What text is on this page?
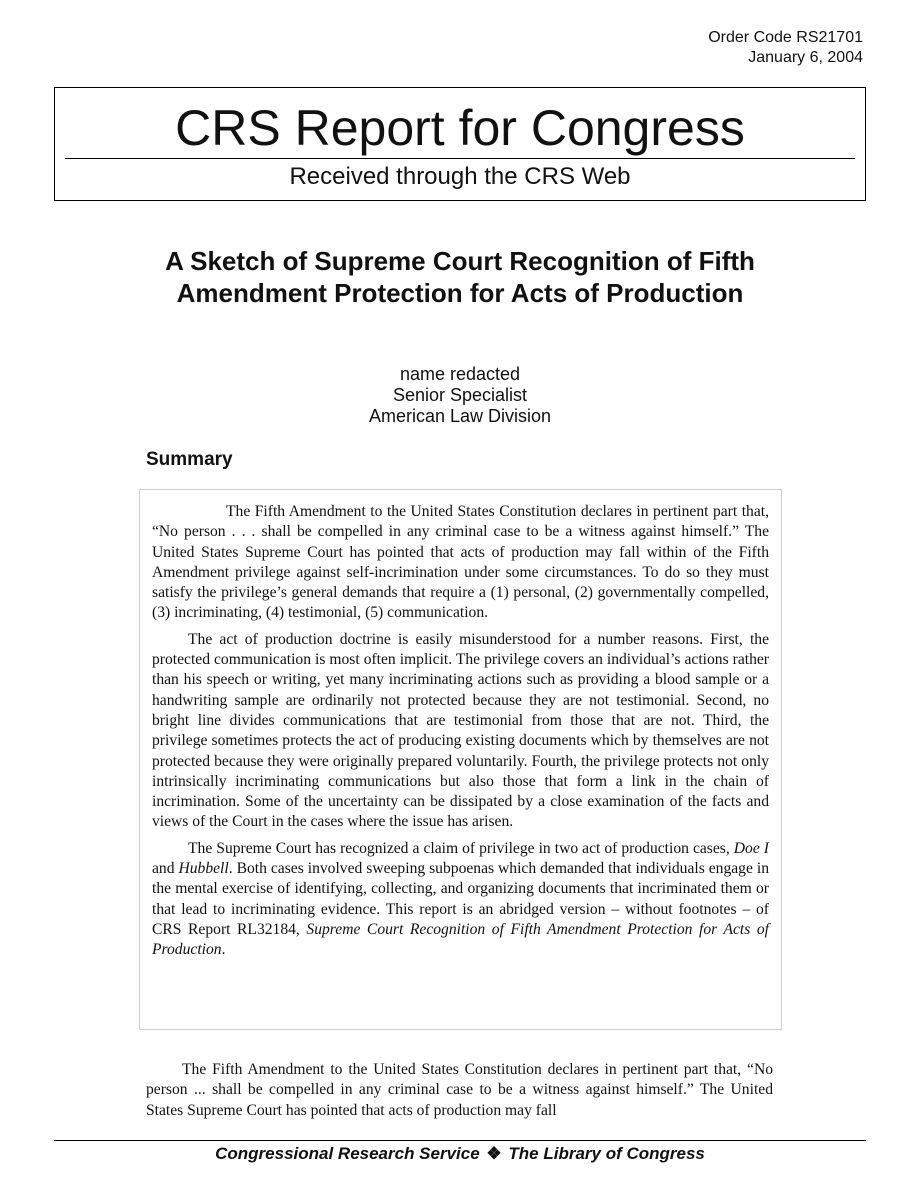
Order Code RS21701
January 6, 2004
CRS Report for Congress
Received through the CRS Web
A Sketch of Supreme Court Recognition of Fifth Amendment Protection for Acts of Production
name redacted
Senior Specialist
American Law Division
Summary

The Fifth Amendment to the United States Constitution declares in pertinent part that, “No person . . . shall be compelled in any criminal case to be a witness against himself.” The United States Supreme Court has pointed that acts of production may fall within of the Fifth Amendment privilege against self-incrimination under some circumstances. To do so they must satisfy the privilege’s general demands that require a (1) personal, (2) governmentally compelled, (3) incriminating, (4) testimonial, (5) communication.

The act of production doctrine is easily misunderstood for a number reasons. First, the protected communication is most often implicit. The privilege covers an individual’s actions rather than his speech or writing, yet many incriminating actions such as providing a blood sample or a handwriting sample are ordinarily not protected because they are not testimonial. Second, no bright line divides communications that are testimonial from those that are not. Third, the privilege sometimes protects the act of producing existing documents which by themselves are not protected because they were originally prepared voluntarily. Fourth, the privilege protects not only intrinsically incriminating communications but also those that form a link in the chain of incrimination. Some of the uncertainty can be dissipated by a close examination of the facts and views of the Court in the cases where the issue has arisen.

The Supreme Court has recognized a claim of privilege in two act of production cases, Doe I and Hubbell. Both cases involved sweeping subpoenas which demanded that individuals engage in the mental exercise of identifying, collecting, and organizing documents that incriminated them or that lead to incriminating evidence. This report is an abridged version – without footnotes – of CRS Report RL32184, Supreme Court Recognition of Fifth Amendment Protection for Acts of Production.

The Fifth Amendment to the United States Constitution declares in pertinent part that, “No person ... shall be compelled in any criminal case to be a witness against himself.” The United States Supreme Court has pointed that acts of production may fall

Congressional Research Service ❖ The Library of Congress
